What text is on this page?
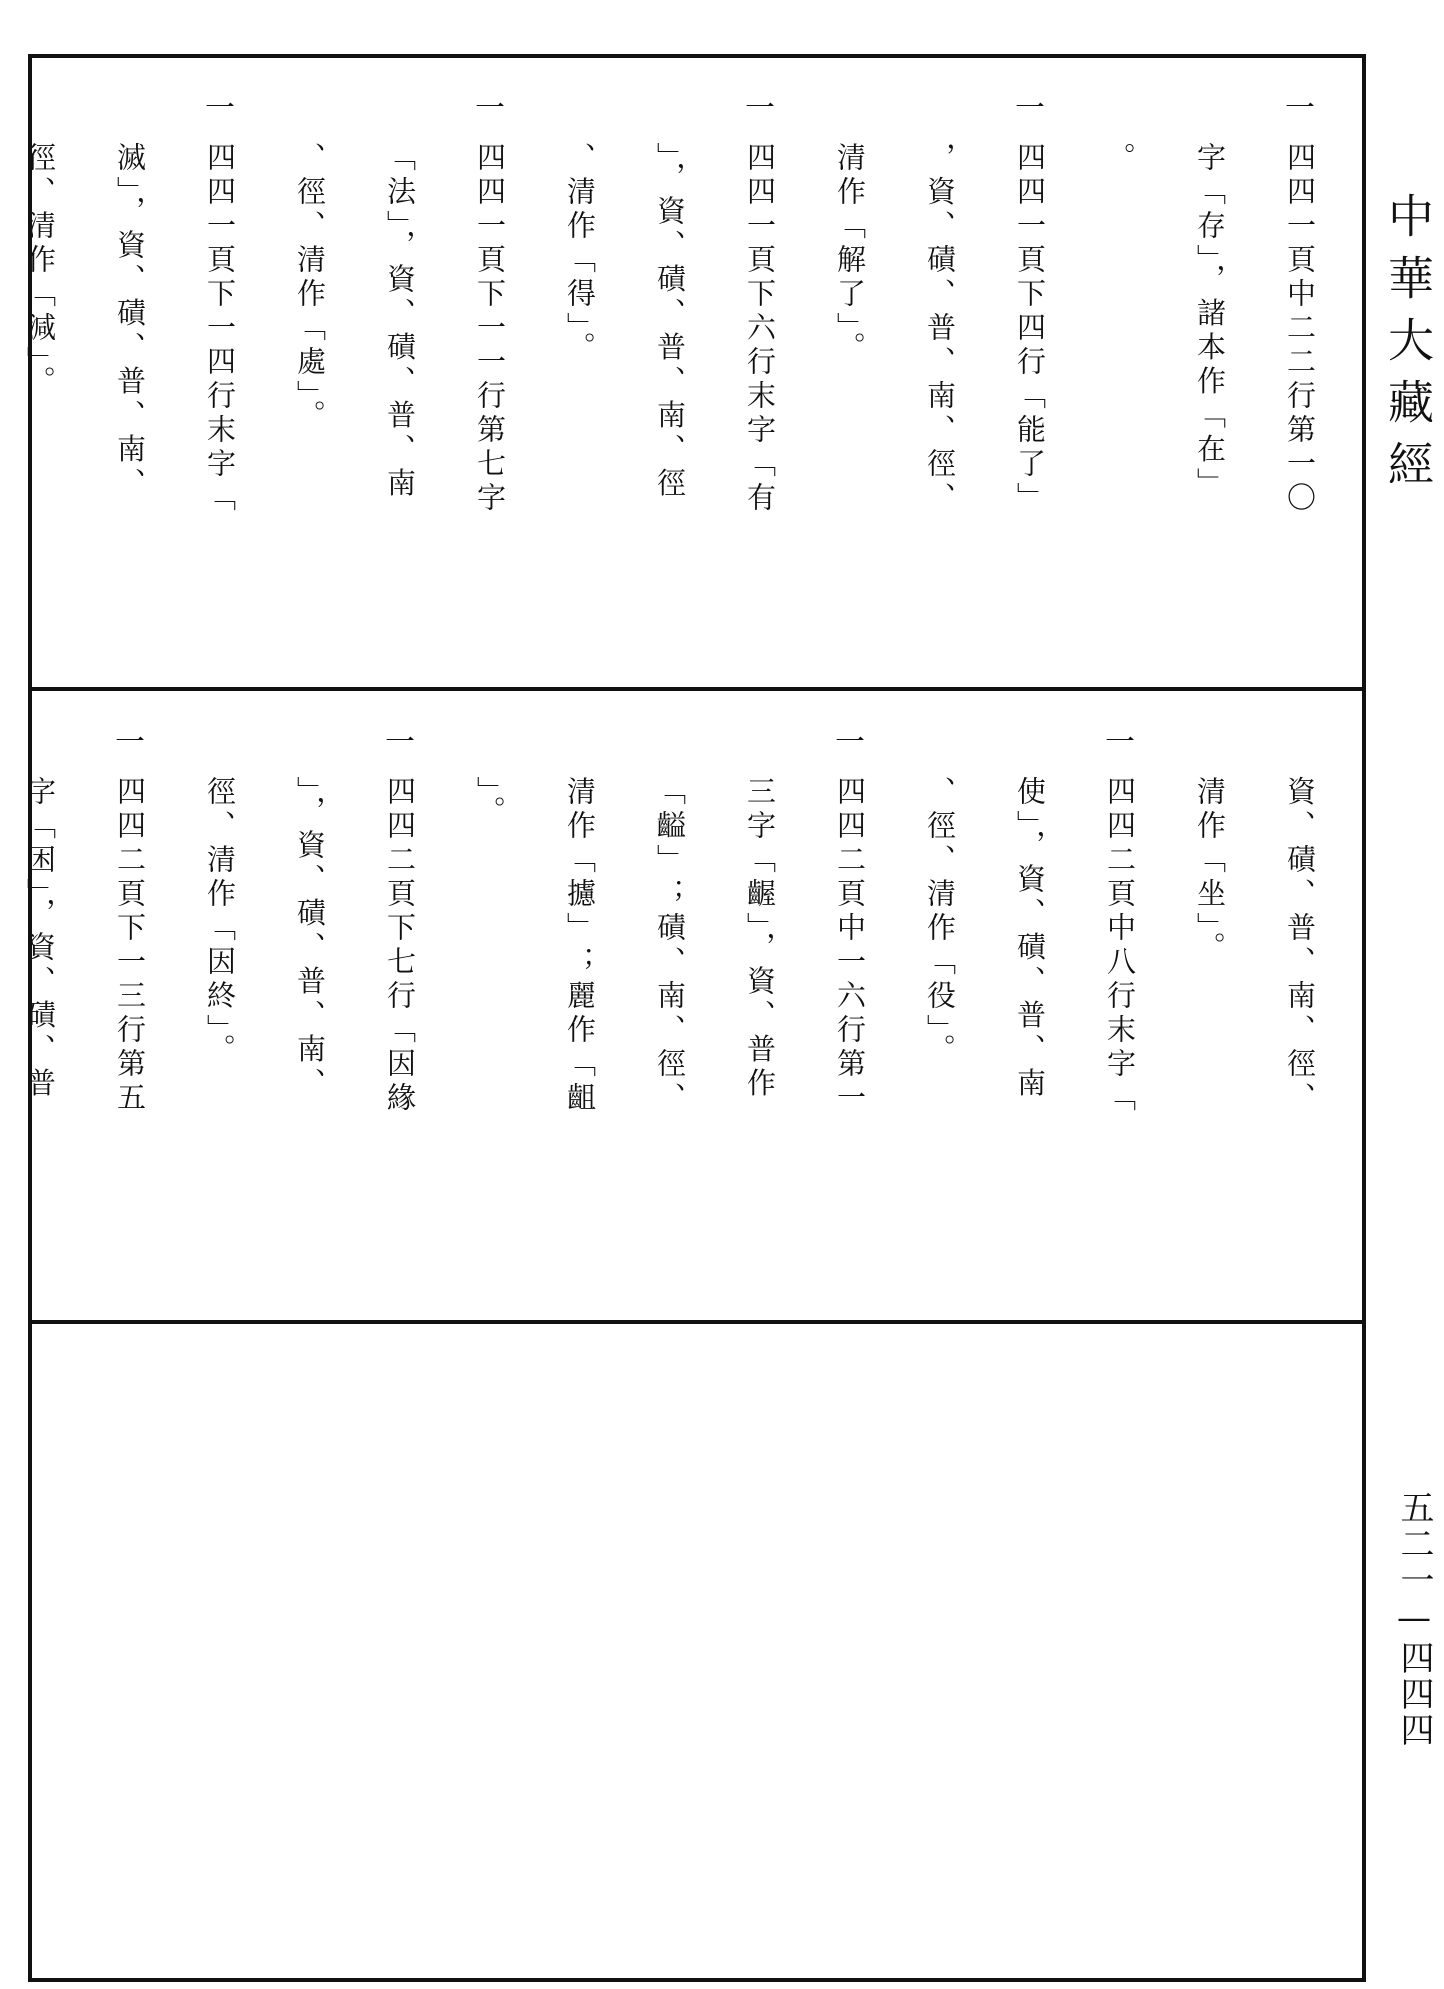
中華大藏經
一
四四一頁中二二行第一〇
字「存」，諸本作「在」
。
一
四四一頁下四行「能了」
，資、磧、普、南、徑、
清作「解了」。
一
四四一頁下六行末字「有
」，資、磧、普、南、徑
、清作「得」。
一
四四一頁下一一行第七字
「法」，資、磧、普、南
、徑、清作「處」。
一
四四一頁下一四行末字「
滅」，資、磧、普、南、
徑、清作「減」。
資、磧、普、南、徑、
清作「坐」。
一
四四二頁中八行末字「
使」，資、磧、普、南
、徑、清作「役」。
一
四四二頁中一六行第一
三字「齷」，資、普作
「齸」；磧、南、徑、
清作「攄」；麗作「齟
」。
一
四四二頁下七行「因緣
」，資、磧、普、南、
徑、清作「因終」。
一
四四二頁下一三行第五
字「困」，資、磧、普
五二一—四四四
